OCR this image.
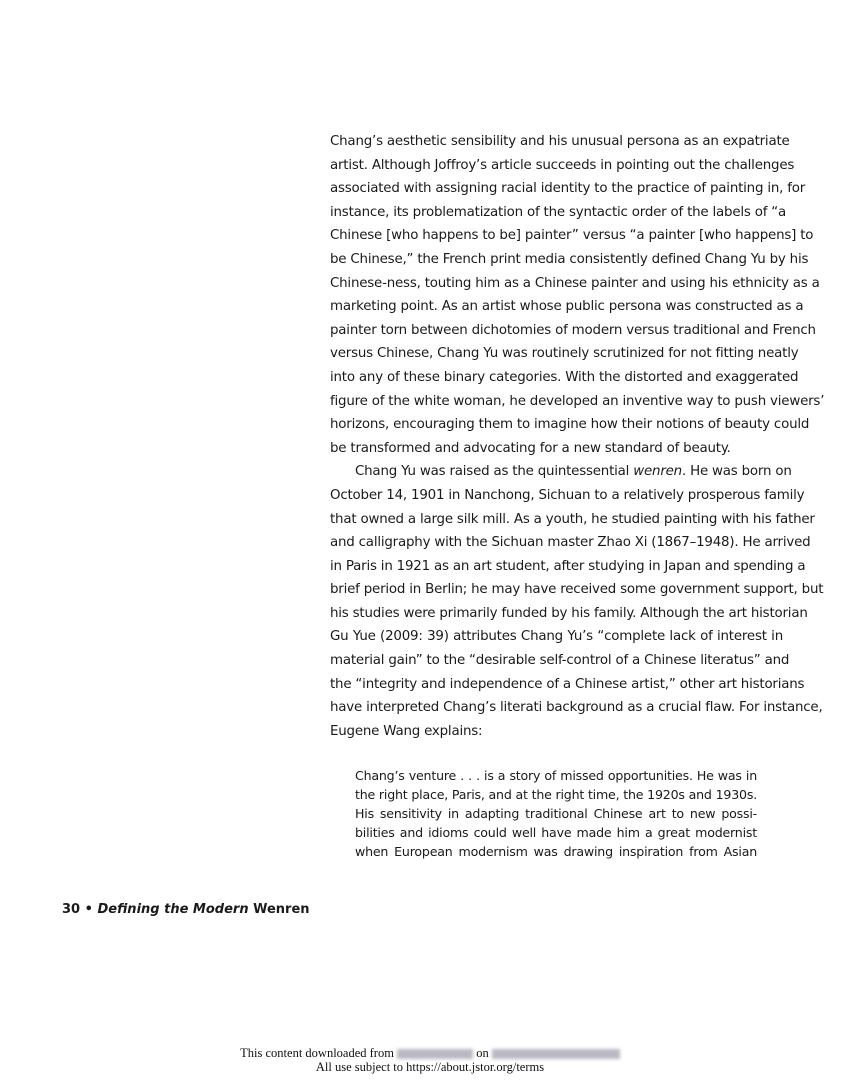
Chang’s aesthetic sensibility and his unusual persona as an expatriate
artist. Although Joffroy’s article succeeds in pointing out the challenges
associated with assigning racial identity to the practice of painting in, for
instance, its problematization of the syntactic order of the labels of “a
Chinese [who happens to be] painter” versus “a painter [who happens] to
be Chinese,” the French print media consistently defined Chang Yu by his
Chinese-ness, touting him as a Chinese painter and using his ethnicity as a
marketing point. As an artist whose public persona was constructed as a
painter torn between dichotomies of modern versus traditional and French
versus Chinese, Chang Yu was routinely scrutinized for not fitting neatly
into any of these binary categories. With the distorted and exaggerated
figure of the white woman, he developed an inventive way to push viewers’
horizons, encouraging them to imagine how their notions of beauty could
be transformed and advocating for a new standard of beauty.
Chang Yu was raised as the quintessential wenren. He was born on
October 14, 1901 in Nanchong, Sichuan to a relatively prosperous family
that owned a large silk mill. As a youth, he studied painting with his father
and calligraphy with the Sichuan master Zhao Xi (1867–1948). He arrived
in Paris in 1921 as an art student, after studying in Japan and spending a
brief period in Berlin; he may have received some government support, but
his studies were primarily funded by his family. Although the art historian
Gu Yue (2009: 39) attributes Chang Yu’s “complete lack of interest in
material gain” to the “desirable self-control of a Chinese literatus” and
the “integrity and independence of a Chinese artist,” other art historians
have interpreted Chang’s literati background as a crucial flaw. For instance,
Eugene Wang explains:
Chang’s venture . . . is a story of missed opportunities. He was in
the right place, Paris, and at the right time, the 1920s and 1930s.
His sensitivity in adapting traditional Chinese art to new possi-
bilities and idioms could well have made him a great modernist
when European modernism was drawing inspiration from Asian
30 • Defining the Modern Wenren
This content downloaded from	on
All use subject to https://about.jstor.org/terms
